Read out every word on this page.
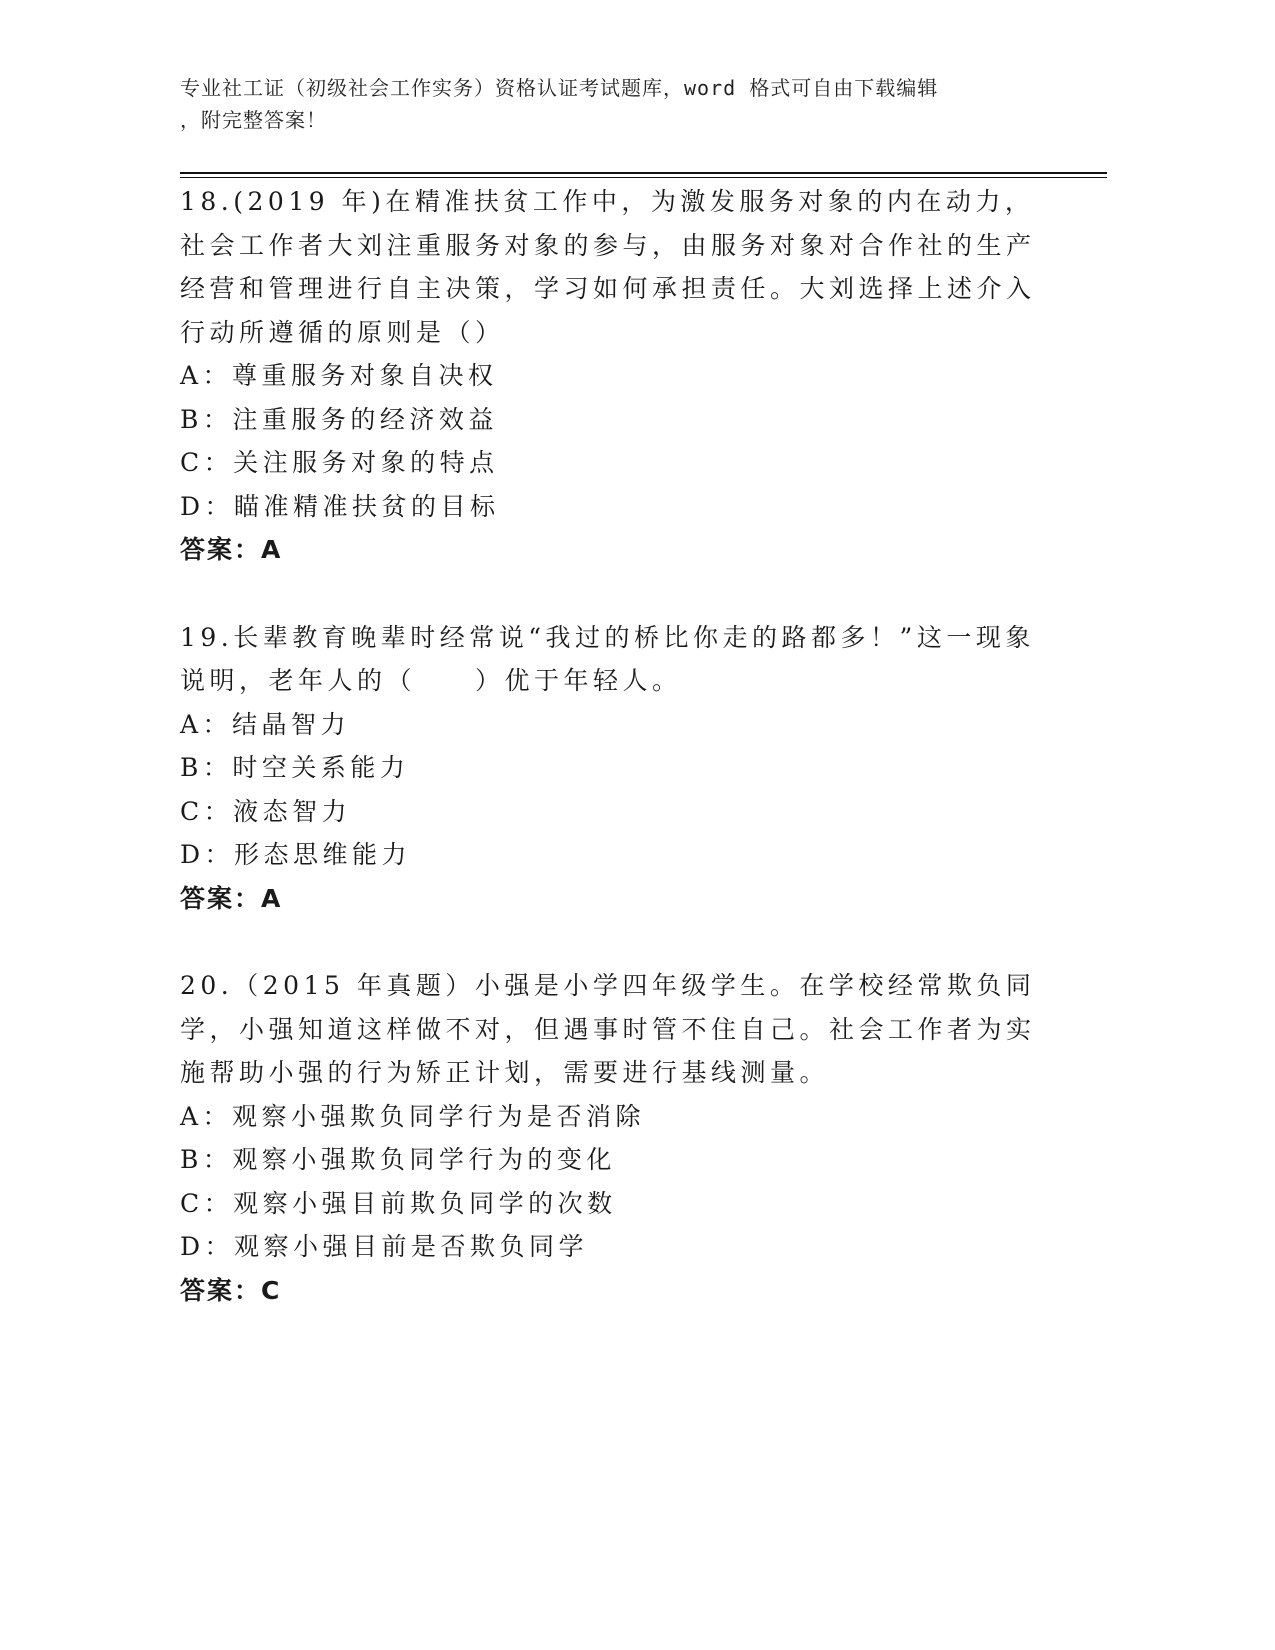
专业社工证（初级社会工作实务）资格认证考试题库，word 格式可自由下载编辑
，附完整答案！
18.(2019 年)在精准扶贫工作中，为激发服务对象的内在动力，社会工作者大刘注重服务对象的参与，由服务对象对合作社的生产经营和管理进行自主决策，学习如何承担责任。大刘选择上述介入行动所遵循的原则是（）
A：尊重服务对象自决权
B：注重服务的经济效益
C：关注服务对象的特点
D：瞄准精准扶贫的目标
答案：A
19.长辈教育晚辈时经常说“我过的桥比你走的路都多！”这一现象说明，老年人的（　　）优于年轻人。
A：结晶智力
B：时空关系能力
C：液态智力
D：形态思维能力
答案：A
20.（2015 年真题）小强是小学四年级学生。在学校经常欺负同学，小强知道这样做不对，但遇事时管不住自己。社会工作者为实施帮助小强的行为矫正计划，需要进行基线测量。
A：观察小强欺负同学行为是否消除
B：观察小强欺负同学行为的变化
C：观察小强目前欺负同学的次数
D：观察小强目前是否欺负同学
答案：C
